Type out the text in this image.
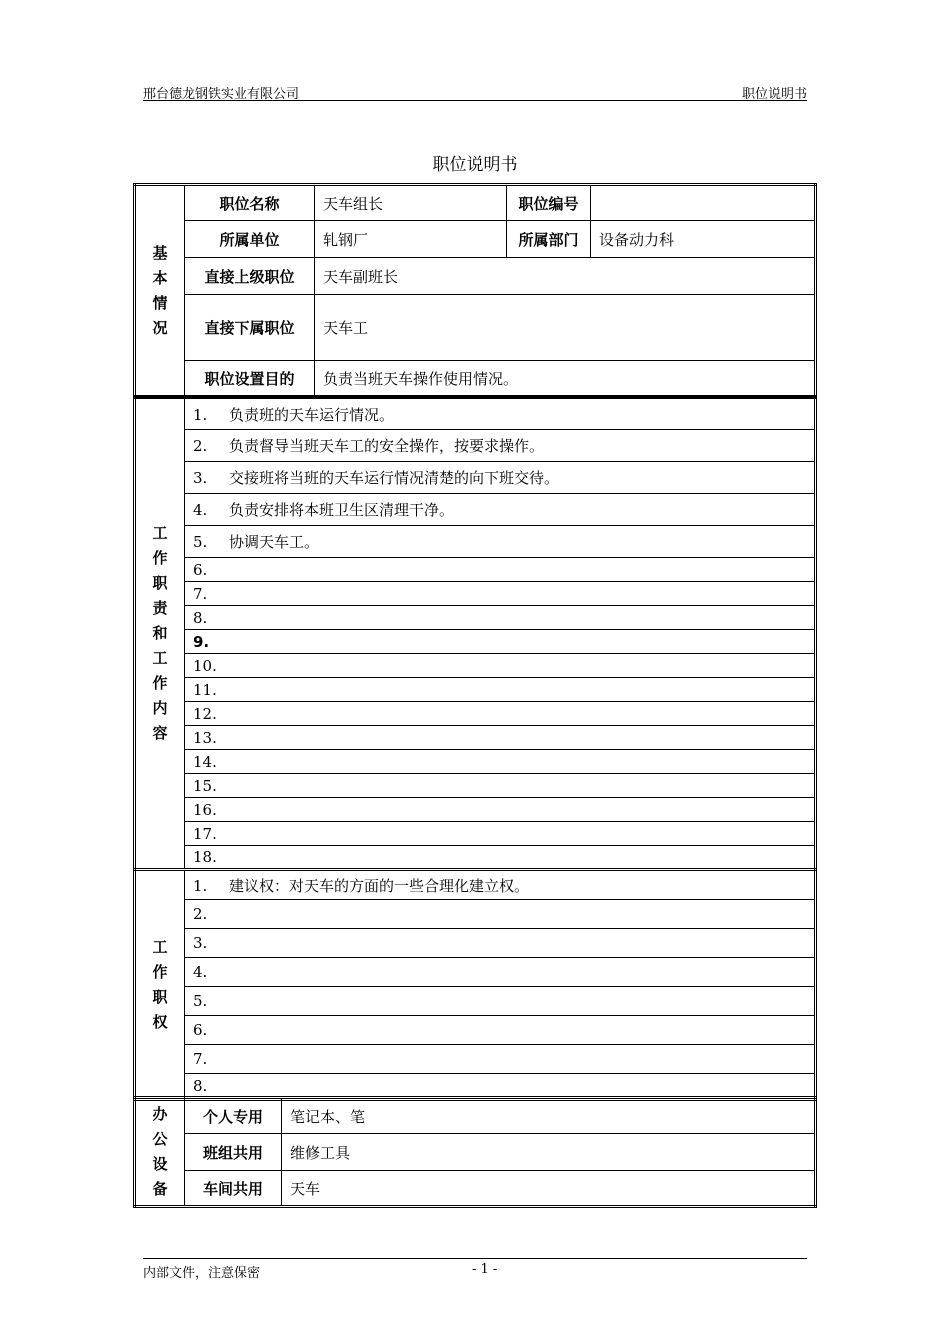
邢台德龙钢铁实业有限公司	职位说明书
职位说明书
基
本
情
况	职位名称	天车组长	职位编号	
	所属单位	轧钢厂	所属部门	设备动力科
	直接上级职位	天车副班长		
	直接下属职位	天车工		
	职位设置目的	负责当班天车操作使用情况。		
工
作
职
责
和
工
作
内
容
	1. 负责班的天车运行情况。
2. 负责督导当班天车工的安全操作，按要求操作。
3. 交接班将当班的天车运行情况清楚的向下班交待。
4. 负责安排将本班卫生区清理干净。
5. 协调天车工。
6.
7.
8.
9.
10.
11.
12.
13.
14.
15.
16.
17.
18.
工
作
职
权
	1. 建议权：对天车的方面的一些合理化建立权。
2.
3.
4.
5.
6.
7.
8.
办
公
设
备	个人专用	笔记本、笔
	班组共用	维修工具
	车间共用	天车
内部文件，注意保密	- 1 -
